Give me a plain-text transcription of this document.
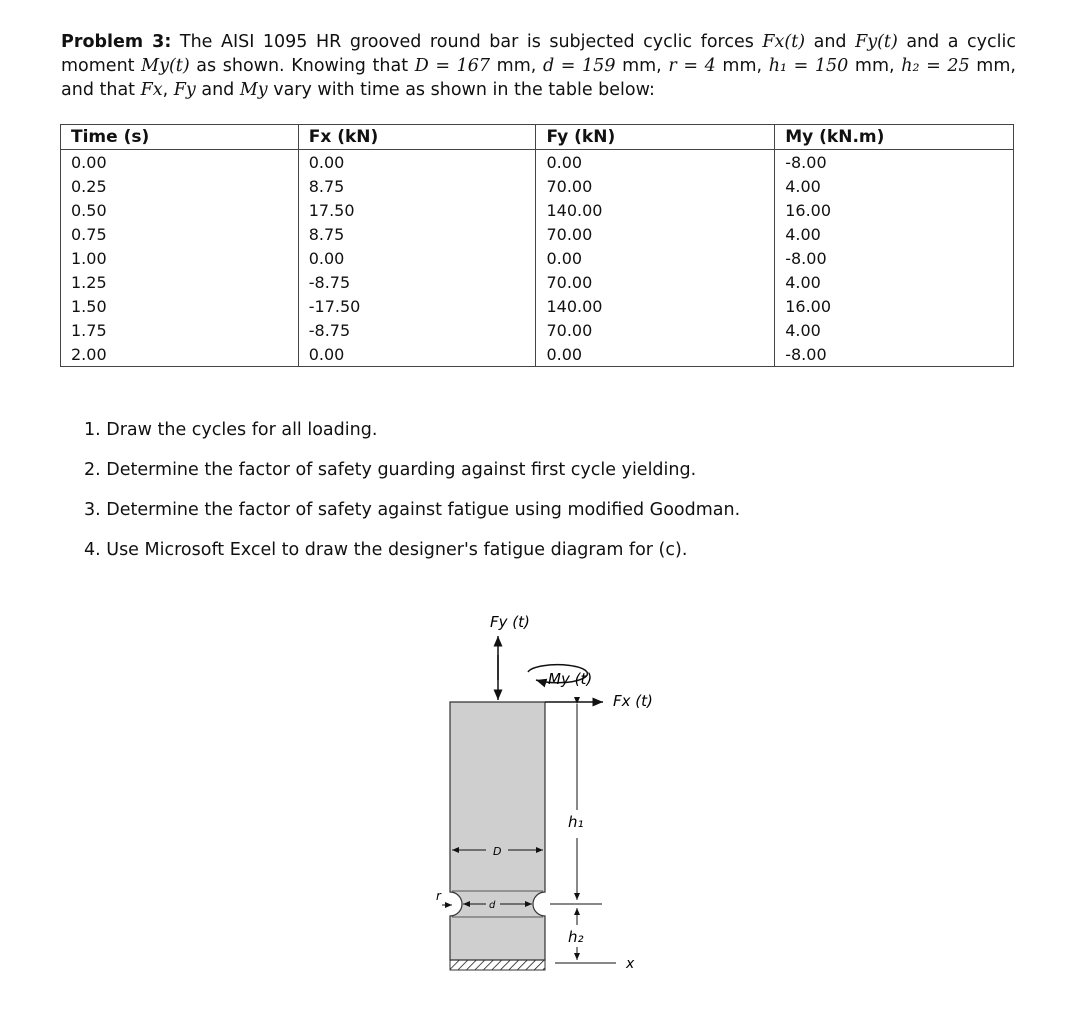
Problem 3: The AISI 1095 HR grooved round bar is subjected cyclic forces Fx(t) and Fy(t) and a cyclic moment My(t) as shown. Knowing that D = 167 mm, d = 159 mm, r = 4 mm, h₁ = 150 mm, h₂ = 25 mm, and that Fx, Fy and My vary with time as shown in the table below:
Time (s)	Fx (kN)	Fy (kN)	My (kN.m)
0.00	0.00	0.00	-8.00
0.25	8.75	70.00	4.00
0.50	17.50	140.00	16.00
0.75	8.75	70.00	4.00
1.00	0.00	0.00	-8.00
1.25	-8.75	70.00	4.00
1.50	-17.50	140.00	16.00
1.75	-8.75	70.00	4.00
2.00	0.00	0.00	-8.00
1. Draw the cycles for all loading.
2. Determine the factor of safety guarding against first cycle yielding.
3. Determine the factor of safety against fatigue using modified Goodman.
4. Use Microsoft Excel to draw the designer's fatigue diagram for (c).
Fy (t)
My (t)
Fx (t)
h₁
h₂
x
D
d
r
